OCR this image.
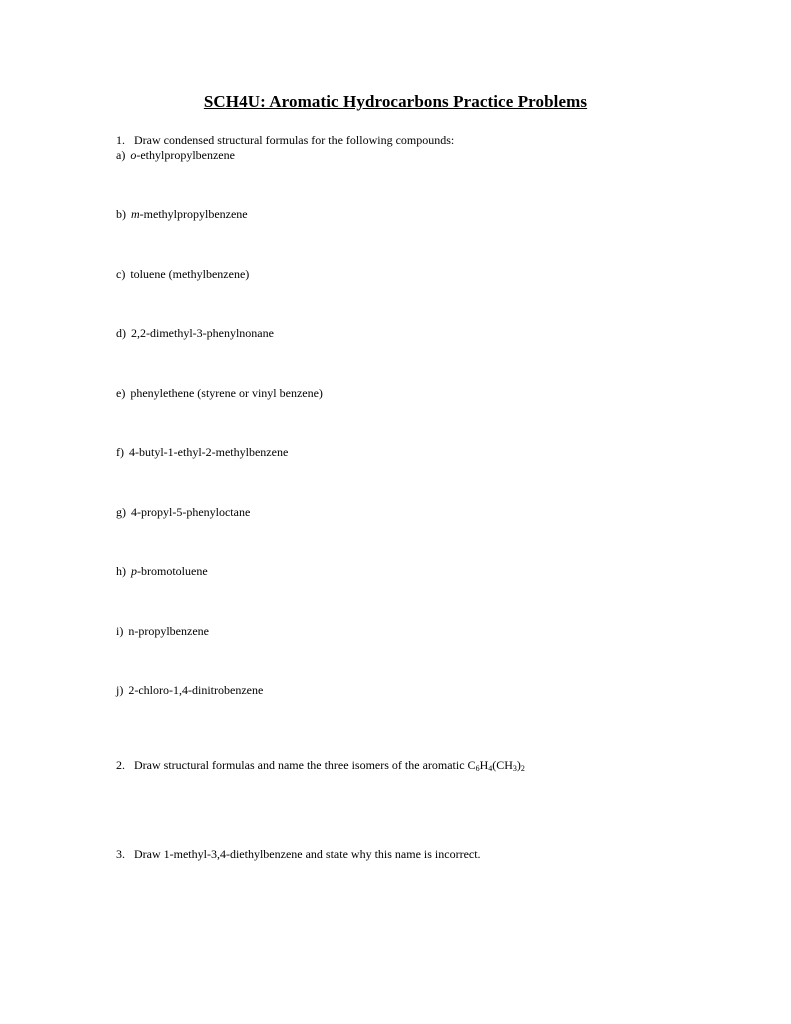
SCH4U: Aromatic Hydrocarbons Practice Problems
1. Draw condensed structural formulas for the following compounds:
a) o-ethylpropylbenzene
b) m-methylpropylbenzene
c) toluene (methylbenzene)
d) 2,2-dimethyl-3-phenylnonane
e) phenylethene (styrene or vinyl benzene)
f) 4-butyl-1-ethyl-2-methylbenzene
g) 4-propyl-5-phenyloctane
h) p-bromotoluene
i) n-propylbenzene
j) 2-chloro-1,4-dinitrobenzene
2. Draw structural formulas and name the three isomers of the aromatic $C_6H_4(CH_3)_2$
3. Draw 1-methyl-3,4-diethylbenzene and state why this name is incorrect.
